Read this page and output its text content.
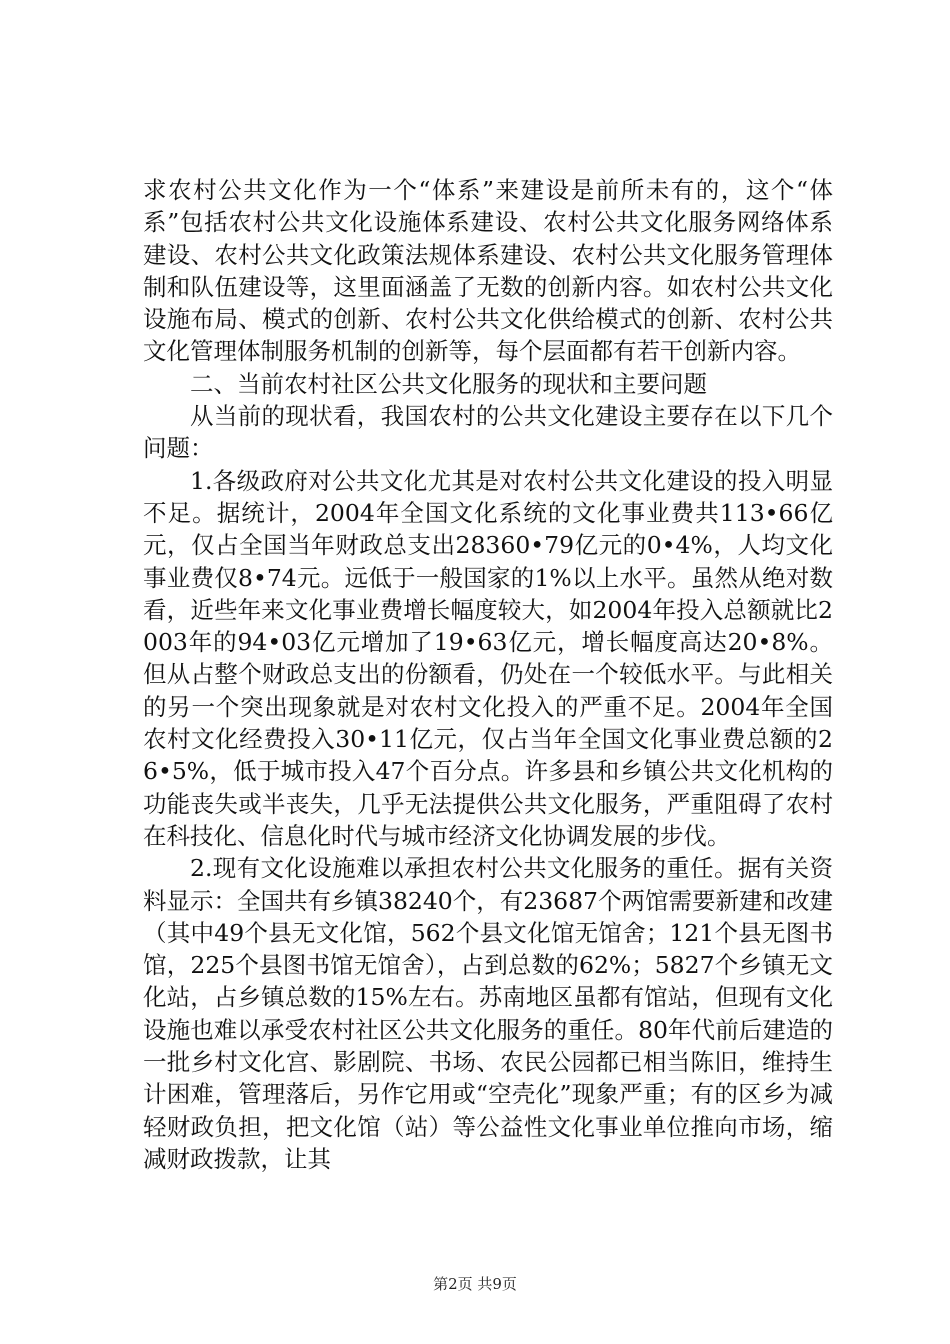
求农村公共文化作为一个“体系”来建设是前所未有的，这个“体系”包括农村公共文化设施体系建设、农村公共文化服务网络体系建设、农村公共文化政策法规体系建设、农村公共文化服务管理体制和队伍建设等，这里面涵盖了无数的创新内容。如农村公共文化设施布局、模式的创新、农村公共文化供给模式的创新、农村公共文化管理体制服务机制的创新等，每个层面都有若干创新内容。

二、当前农村社区公共文化服务的现状和主要问题

从当前的现状看，我国农村的公共文化建设主要存在以下几个问题：

1.各级政府对公共文化尤其是对农村公共文化建设的投入明显不足。据统计，2004年全国文化系统的文化事业费共113•66亿元，仅占全国当年财政总支出28360•79亿元的0•4%，人均文化事业费仅8•74元。远低于一般国家的1%以上水平。虽然从绝对数看，近些年来文化事业费增长幅度较大，如2004年投入总额就比2003年的94•03亿元增加了19•63亿元，增长幅度高达20•8%。但从占整个财政总支出的份额看，仍处在一个较低水平。与此相关的另一个突出现象就是对农村文化投入的严重不足。2004年全国农村文化经费投入30•11亿元，仅占当年全国文化事业费总额的26•5%，低于城市投入47个百分点。许多县和乡镇公共文化机构的功能丧失或半丧失，几乎无法提供公共文化服务，严重阻碍了农村在科技化、信息化时代与城市经济文化协调发展的步伐。

2.现有文化设施难以承担农村公共文化服务的重任。据有关资料显示：全国共有乡镇38240个，有23687个两馆需要新建和改建（其中49个县无文化馆，562个县文化馆无馆舍；121个县无图书馆，225个县图书馆无馆舍），占到总数的62%；5827个乡镇无文化站，占乡镇总数的15%左右。苏南地区虽都有馆站，但现有文化设施也难以承受农村社区公共文化服务的重任。80年代前后建造的一批乡村文化宫、影剧院、书场、农民公园都已相当陈旧，维持生计困难，管理落后，另作它用或“空壳化”现象严重；有的区乡为减轻财政负担，把文化馆（站）等公益性文化事业单位推向市场，缩减财政拨款，让其

第2页 共9页
